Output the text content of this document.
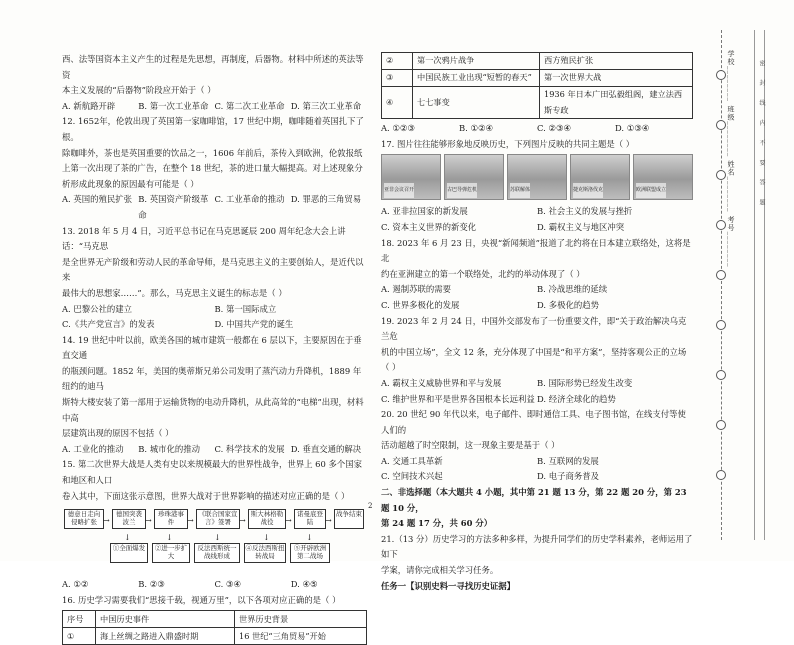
西、法等国资本主义产生的过程是先思想，再制度，后器物。材料中所述的英法等资

本主义发展的“后器物”阶段应开始于（ ）

A. 新航路开辟	B. 第一次工业革命 C. 第二次工业革命 D. 第三次工业革命

12. 1652年，伦敦出现了英国第一家咖啡馆，17 世纪中期，咖啡随着英国扎下了根。

除咖啡外，茶也是英国重要的饮品之一，1606 年前后，茶传入到欧洲，伦敦报纸

上第一次出现了茶的广告，在整个 18 世纪，茶的进口量大幅提高。对上述现象分

析形成此现象的原因最有可能是（ ）

A. 英国的殖民扩张 B. 英国资产阶级革命
C. 工业革命的推动 D. 罪恶的三角贸易

13. 2018 年 5 月 4 日，习近平总书记在马克思诞辰 200 周年纪念大会上讲话：“马克思

是全世界无产阶级和劳动人民的革命导师，是马克思主义的主要创始人，是近代以来

最伟大的思想家……”。那么，马克思主义诞生的标志是（ ）

A. 巴黎公社的建立	B. 第一国际成立
C.《共产党宣言》的发表	D. 中国共产党的诞生

14. 19 世纪中叶以前，欧美各国的城市建筑一般都在 6 层以下，主要原因在于垂直交通

的瓶颈问题。1852 年，美国的奥蒂斯兄弟公司发明了蒸汽动力升降机，1889 年纽约的迪马

斯特大楼安装了第一部用于运输货物的电动升降机，从此高耸的“电梯”出现，材料中高

层建筑出现的原因不包括（ ）

A. 工业化的推动	B. 城市化的推动	C. 科学技术的发展 D. 垂直交通的解决

15. 第二次世界大战是人类有史以来规模最大的世界性战争，世界上 60 多个国家和地区和人口

卷入其中，下面这张示意图，世界大战对于世界影响的描述对应正确的是（ ）

德意日走向侵略扩张 →
德国突袭波兰	→
珍珠港事件	→
《联合国家宣言》签署	→
斯大林格勒战役	→
诺曼底登陆	→
战争结束
↓	↓	↓	↓	↓
①全面爆发	②进一步扩大
反法西斯统一战线形成
④反法西斯扭转战局
⑤开辟欧洲第二战场
A. ①②	B. ②③	C. ③④	D. ④⑤

16. 历史学习需要我们“思接千载，视通万里”，以下各项对应正确的是（ ）

序号	中国历史事件	世界历史背景
①	海上丝绸之路进入鼎盛时期	16 世纪“三角贸易”开始
2
②	第一次鸦片战争	西方殖民扩张
③	中国民族工业出现“短暂的春天”	第一次世界大战
④	七七事变	1936 年日本广田弘毅组阁，建立法西斯专政
A. ①②③	B. ①②④	C. ②③④	D. ①③④

17. 图片往往能够形象地反映历史，下列图片反映的共同主题是（ ）

亚非会议召开	古巴导弹危机	苏联解体	捷克斯洛伐克	欧洲联盟成立
A. 亚非拉国家的新发展	B. 社会主义的发展与挫折
C. 资本主义世界的新变化	D. 霸权主义与地区冲突

18. 2023 年 6 月 23 日，央视“新闻频道”报道了北约将在日本建立联络处，这将是北

约在亚洲建立的第一个联络处，北约的举动体现了（ ）

A. 遏制苏联的需要	B. 冷战思维的延续
C. 世界多极化的发展	D. 多极化的趋势

19. 2023 年 2 月 24 日，中国外交部发布了一份重要文件，即“关于政治解决乌克兰危

机的中国立场”，全文 12 条，充分体现了中国是“和平方案”，坚持客观公正的立场（ ）

A. 霸权主义威胁世界和平与发展	B. 国际形势已经发生改变
C. 维护世界和平是世界各国根本长远利益 D. 经济全球化的趋势

20. 20 世纪 90 年代以来，电子邮件、即时通信工具、电子图书馆，在线支付等使人们的

活动超越了时空限制，这一现象主要是基于（ ）

A. 交通工具革新	B. 互联网的发展
C. 空间技术兴起	D. 电子商务普及

二、非选择题（本大题共 4 小题，其中第 21 题 13 分，第 22 题 20 分，第 23 题 10 分，

第 24 题 17 分，共 60 分）

21.（13 分）历史学习的方法多种多样，为提升同学们的历史学科素养，老师运用了如下

学案，请你完成相关学习任务。

任务一【识别史料一寻找历史证据】

学校________ 班级________ 姓名________ 考号________	密 封 线 内 不 要 答 题
